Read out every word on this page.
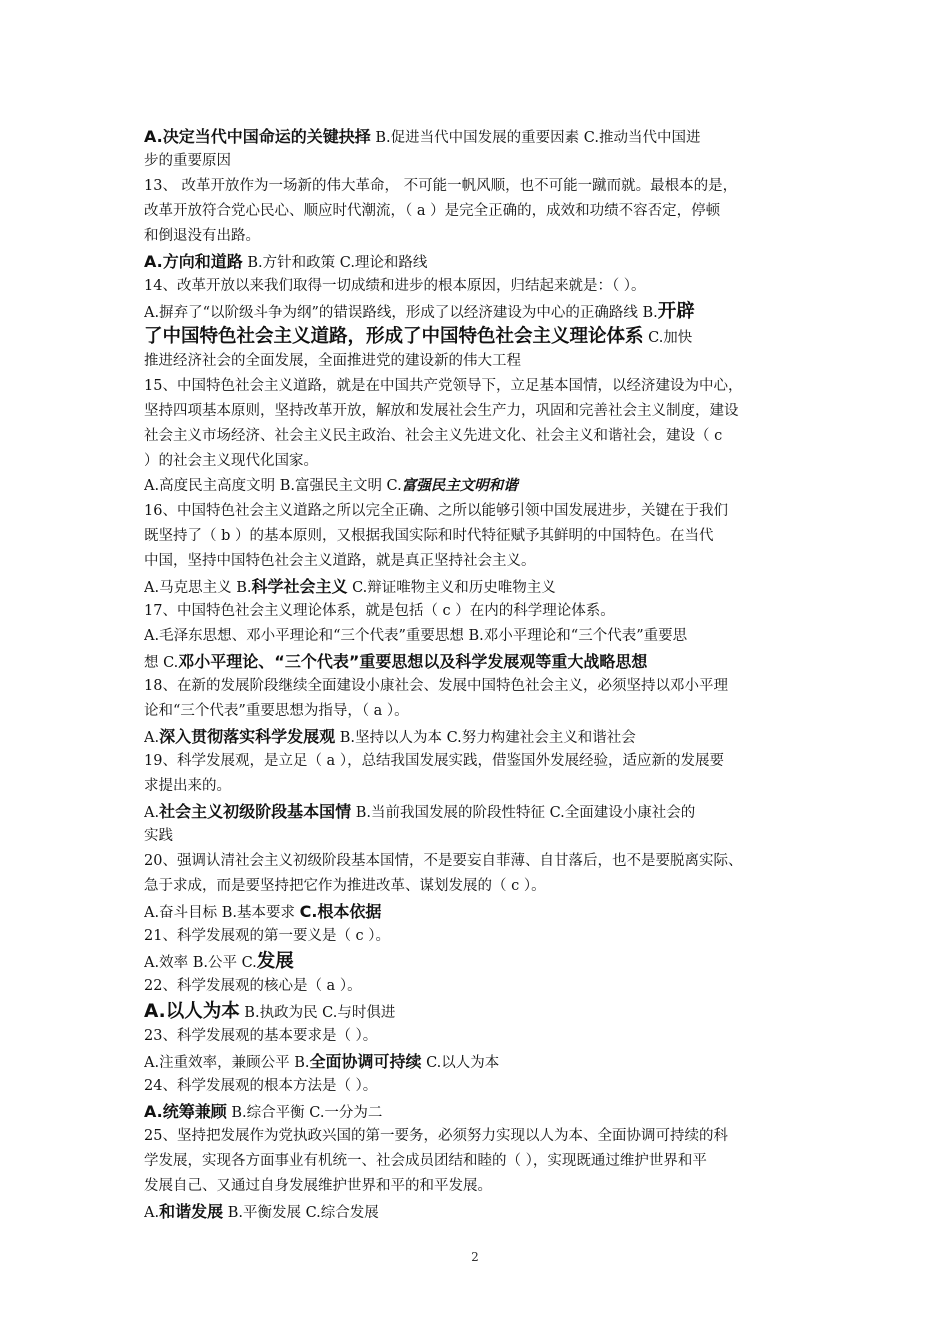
A.决定当代中国命运的关键抉择 B.促进当代中国发展的重要因素 C.推动当代中国进
步的重要原因
13、 改革开放作为一场新的伟大革命， 不可能一帆风顺，也不可能一蹴而就。最根本的是，
改革开放符合党心民心、顺应时代潮流，（ a ）是完全正确的，成效和功绩不容否定，停顿
和倒退没有出路。
A.方向和道路 B.方针和政策 C.理论和路线
14、改革开放以来我们取得一切成绩和进步的根本原因，归结起来就是：（ ）。
A.摒弃了“以阶级斗争为纲”的错误路线，形成了以经济建设为中心的正确路线 B.开辟
了中国特色社会主义道路，形成了中国特色社会主义理论体系 C.加快
推进经济社会的全面发展，全面推进党的建设新的伟大工程
15、中国特色社会主义道路，就是在中国共产党领导下，立足基本国情，以经济建设为中心，
坚持四项基本原则，坚持改革开放，解放和发展社会生产力，巩固和完善社会主义制度，建设
社会主义市场经济、社会主义民主政治、社会主义先进文化、社会主义和谐社会，建设（ c
）的社会主义现代化国家。
A.高度民主高度文明 B.富强民主文明 C.富强民主文明和谐
16、中国特色社会主义道路之所以完全正确、之所以能够引领中国发展进步，关键在于我们
既坚持了（ b ）的基本原则，又根据我国实际和时代特征赋予其鲜明的中国特色。在当代
中国，坚持中国特色社会主义道路，就是真正坚持社会主义。
A.马克思主义 B.科学社会主义 C.辩证唯物主义和历史唯物主义
17、中国特色社会主义理论体系，就是包括（ c ）在内的科学理论体系。
A.毛泽东思想、邓小平理论和“三个代表”重要思想 B.邓小平理论和“三个代表”重要思
想 C.邓小平理论、“三个代表”重要思想以及科学发展观等重大战略思想
18、在新的发展阶段继续全面建设小康社会、发展中国特色社会主义，必须坚持以邓小平理
论和“三个代表”重要思想为指导，（ a ）。
A.深入贯彻落实科学发展观 B.坚持以人为本 C.努力构建社会主义和谐社会
19、科学发展观，是立足（ a ），总结我国发展实践，借鉴国外发展经验，适应新的发展要
求提出来的。
A.社会主义初级阶段基本国情 B.当前我国发展的阶段性特征 C.全面建设小康社会的
实践
20、强调认清社会主义初级阶段基本国情，不是要妄自菲薄、自甘落后，也不是要脱离实际、
急于求成，而是要坚持把它作为推进改革、谋划发展的（ c ）。
A.奋斗目标 B.基本要求 C.根本依据
21、科学发展观的第一要义是（ c ）。
A.效率 B.公平 C.发展
22、科学发展观的核心是（ a ）。
A.以人为本 B.执政为民 C.与时俱进
23、科学发展观的基本要求是（ ）。
A.注重效率，兼顾公平 B.全面协调可持续 C.以人为本
24、科学发展观的根本方法是（ ）。
A.统筹兼顾 B.综合平衡 C.一分为二
25、坚持把发展作为党执政兴国的第一要务，必须努力实现以人为本、全面协调可持续的科
学发展，实现各方面事业有机统一、社会成员团结和睦的（ ），实现既通过维护世界和平
发展自己、又通过自身发展维护世界和平的和平发展。
A.和谐发展 B.平衡发展 C.综合发展
2
